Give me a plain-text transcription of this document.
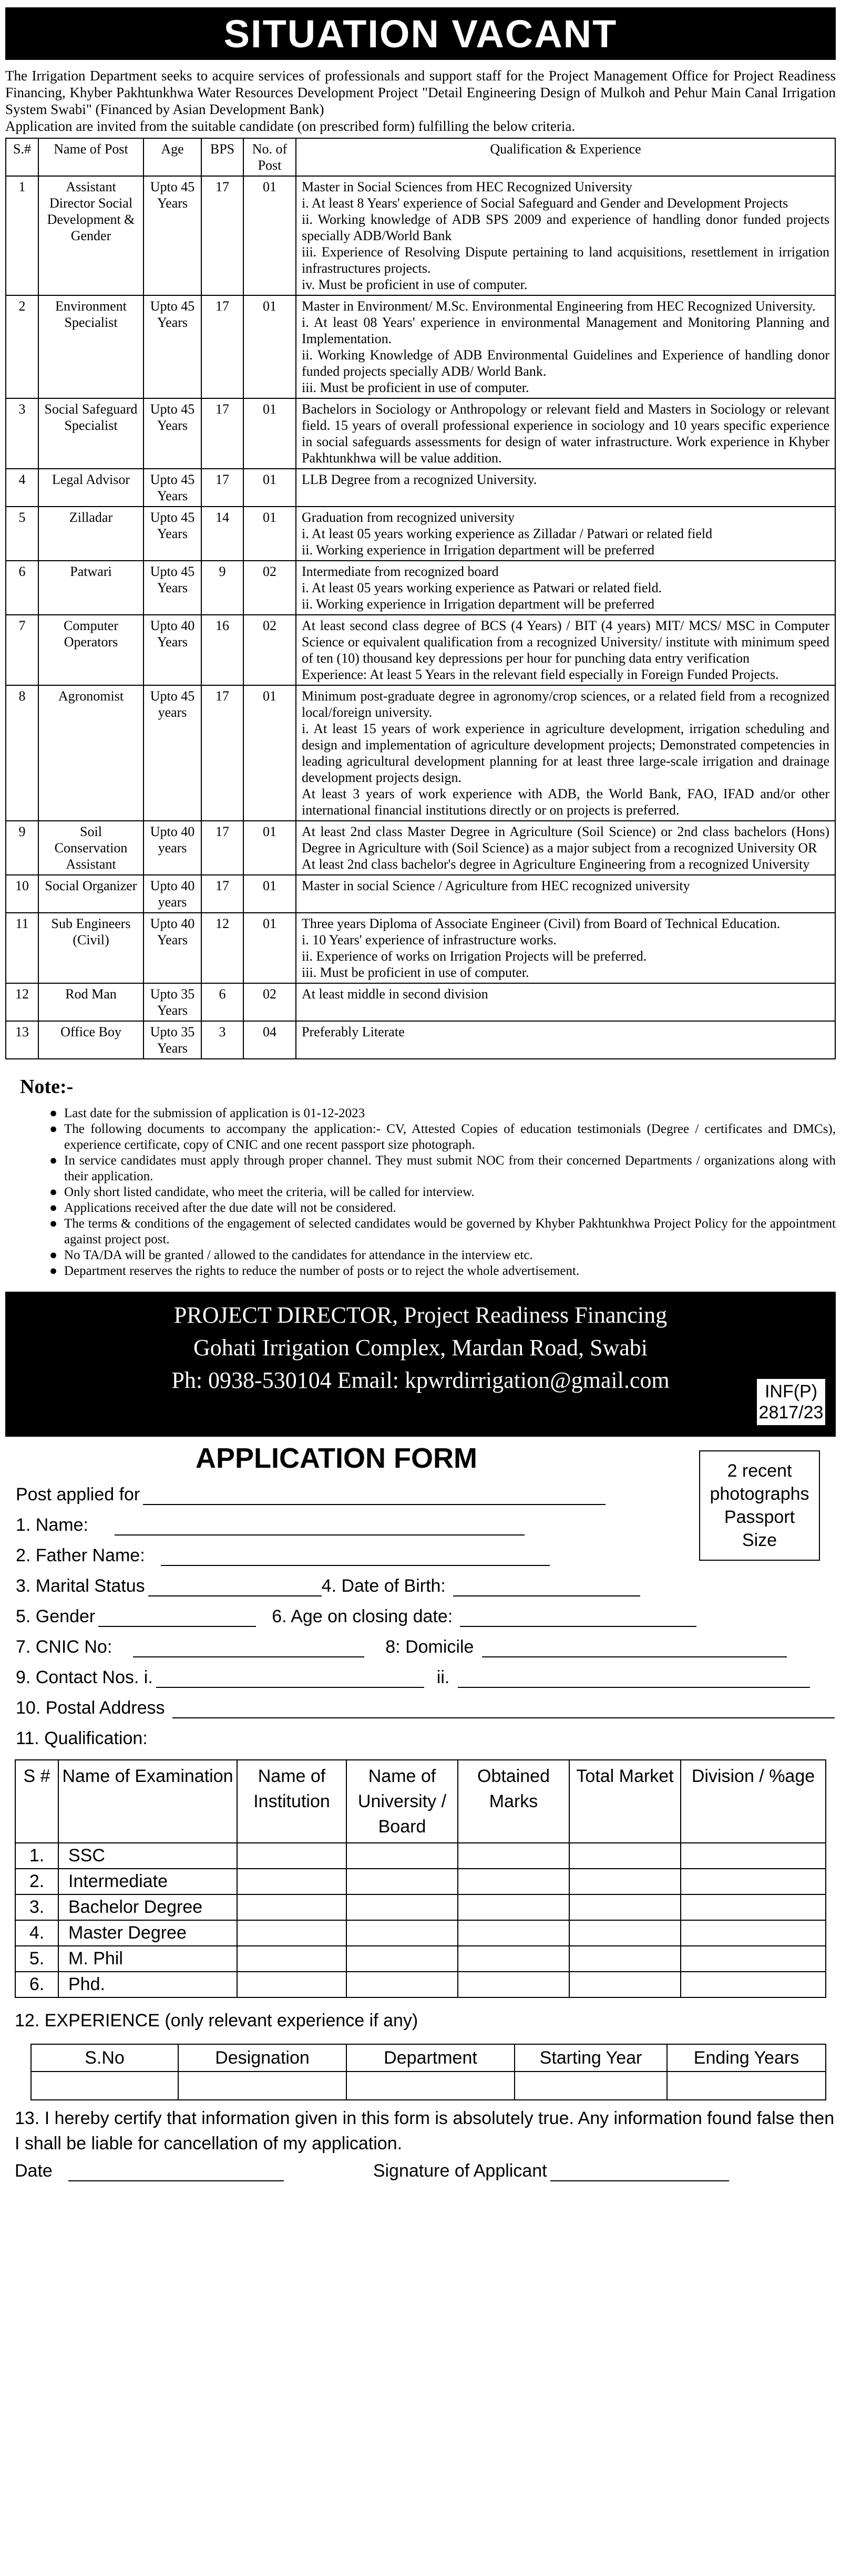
SITUATION VACANT
The Irrigation Department seeks to acquire services of professionals and support staff for the Project Management Office for Project Readiness Financing, Khyber Pakhtunkhwa Water Resources Development Project "Detail Engineering Design of Mulkoh and Pehur Main Canal Irrigation System Swabi" (Financed by Asian Development Bank)
Application are invited from the suitable candidate (on prescribed form) fulfilling the below criteria.
S.#	Name of Post	Age	BPS	No. of Post	Qualification & Experience
1	Assistant Director Social Development & Gender	Upto 45 Years	17	01	Master in Social Sciences from HEC Recognized University
i. At least 8 Years' experience of Social Safeguard and Gender and Development Projects
ii. Working knowledge of ADB SPS 2009 and experience of handling donor funded projects specially ADB/World Bank
iii. Experience of Resolving Dispute pertaining to land acquisitions, resettlement in irrigation infrastructures projects.
iv. Must be proficient in use of computer.

2	Environment Specialist	Upto 45 Years	17	01	Master in Environment/ M.Sc. Environmental Engineering from HEC Recognized University.
i. At least 08 Years' experience in environmental Management and Monitoring Planning and Implementation.
ii. Working Knowledge of ADB Environmental Guidelines and Experience of handling donor funded projects specially ADB/ World Bank.
iii. Must be proficient in use of computer.

3	Social Safeguard Specialist	Upto 45 Years	17	01	Bachelors in Sociology or Anthropology or relevant field and Masters in Sociology or relevant field. 15 years of overall professional experience in sociology and 10 years specific experience in social safeguards assessments for design of water infrastructure. Work experience in Khyber Pakhtunkhwa will be value addition.

4	Legal Advisor	Upto 45 Years	17	01	LLB Degree from a recognized University.

5	Zilladar	Upto 45 Years	14	01	Graduation from recognized university
i. At least 05 years working experience as Zilladar / Patwari or related field
ii. Working experience in Irrigation department will be preferred

6	Patwari	Upto 45 Years	9	02	Intermediate from recognized board
i. At least 05 years working experience as Patwari or related field.
ii. Working experience in Irrigation department will be preferred

7	Computer Operators	Upto 40 Years	16	02	At least second class degree of BCS (4 Years) / BIT (4 years) MIT/ MCS/ MSC in Computer Science or equivalent qualification from a recognized University/ institute with minimum speed of ten (10) thousand key depressions per hour for punching data entry verification
Experience: At least 5 Years in the relevant field especially in Foreign Funded Projects.

8	Agronomist	Upto 45 years	17	01	Minimum post-graduate degree in agronomy/crop sciences, or a related field from a recognized local/foreign university.
i. At least 15 years of work experience in agriculture development, irrigation scheduling and design and implementation of agriculture development projects; Demonstrated competencies in leading agricultural development planning for at least three large-scale irrigation and drainage development projects design.
At least 3 years of work experience with ADB, the World Bank, FAO, IFAD and/or other international financial institutions directly or on projects is preferred.

9	Soil Conservation Assistant	Upto 40 years	17	01	At least 2nd class Master Degree in Agriculture (Soil Science) or 2nd class bachelors (Hons) Degree in Agriculture with (Soil Science) as a major subject from a recognized University OR
At least 2nd class bachelor's degree in Agriculture Engineering from a recognized University

10	Social Organizer	Upto 40 years	17	01	Master in social Science / Agriculture from HEC recognized university

11	Sub Engineers (Civil)	Upto 40 Years	12	01	Three years Diploma of Associate Engineer (Civil) from Board of Technical Education.
i. 10 Years' experience of infrastructure works.
ii. Experience of works on Irrigation Projects will be preferred.
iii. Must be proficient in use of computer.

12	Rod Man	Upto 35 Years	6	02	At least middle in second division

13	Office Boy	Upto 35 Years	3	04	Preferably Literate
Note:-
● Last date for the submission of application is 01-12-2023
● The following documents to accompany the application:- CV, Attested Copies of education testimonials (Degree / certificates and DMCs), experience certificate, copy of CNIC and one recent passport size photograph.
● In service candidates must apply through proper channel. They must submit NOC from their concerned Departments / organizations along with their application.
● Only short listed candidate, who meet the criteria, will be called for interview.
● Applications received after the due date will not be considered.
● The terms & conditions of the engagement of selected candidates would be governed by Khyber Pakhtunkhwa Project Policy for the appointment against project post.
● No TA/DA will be granted / allowed to the candidates for attendance in the interview etc.
● Department reserves the rights to reduce the number of posts or to reject the whole advertisement.
PROJECT DIRECTOR, Project Readiness Financing
Gohati Irrigation Complex, Mardan Road, Swabi
Ph: 0938-530104 Email: kpwrdirrigation@gmail.com	INF(P)
2817/23
APPLICATION FORM	2 recent
photographs
Passport
Size
Post applied for
1. Name:
2. Father Name:
3. Marital Status	4. Date of Birth:
5. Gender	6. Age on closing date:
7. CNIC No:	8: Domicile
9. Contact Nos. i.	ii.
10. Postal Address
11. Qualification:
S #	Name of Examination	Name of Institution	Name of University / Board	Obtained Marks	Total Market	Division / %age
1.	SSC					
2.	Intermediate					
3.	Bachelor Degree					
4.	Master Degree					
5.	M. Phil					
6.	Phd.					
12. EXPERIENCE (only relevant experience if any)
S.No	Designation	Department	Starting Year	Ending Years

13. I hereby certify that information given in this form is absolutely true. Any information found false then I shall be liable for cancellation of my application.
Date	Signature of Applicant
